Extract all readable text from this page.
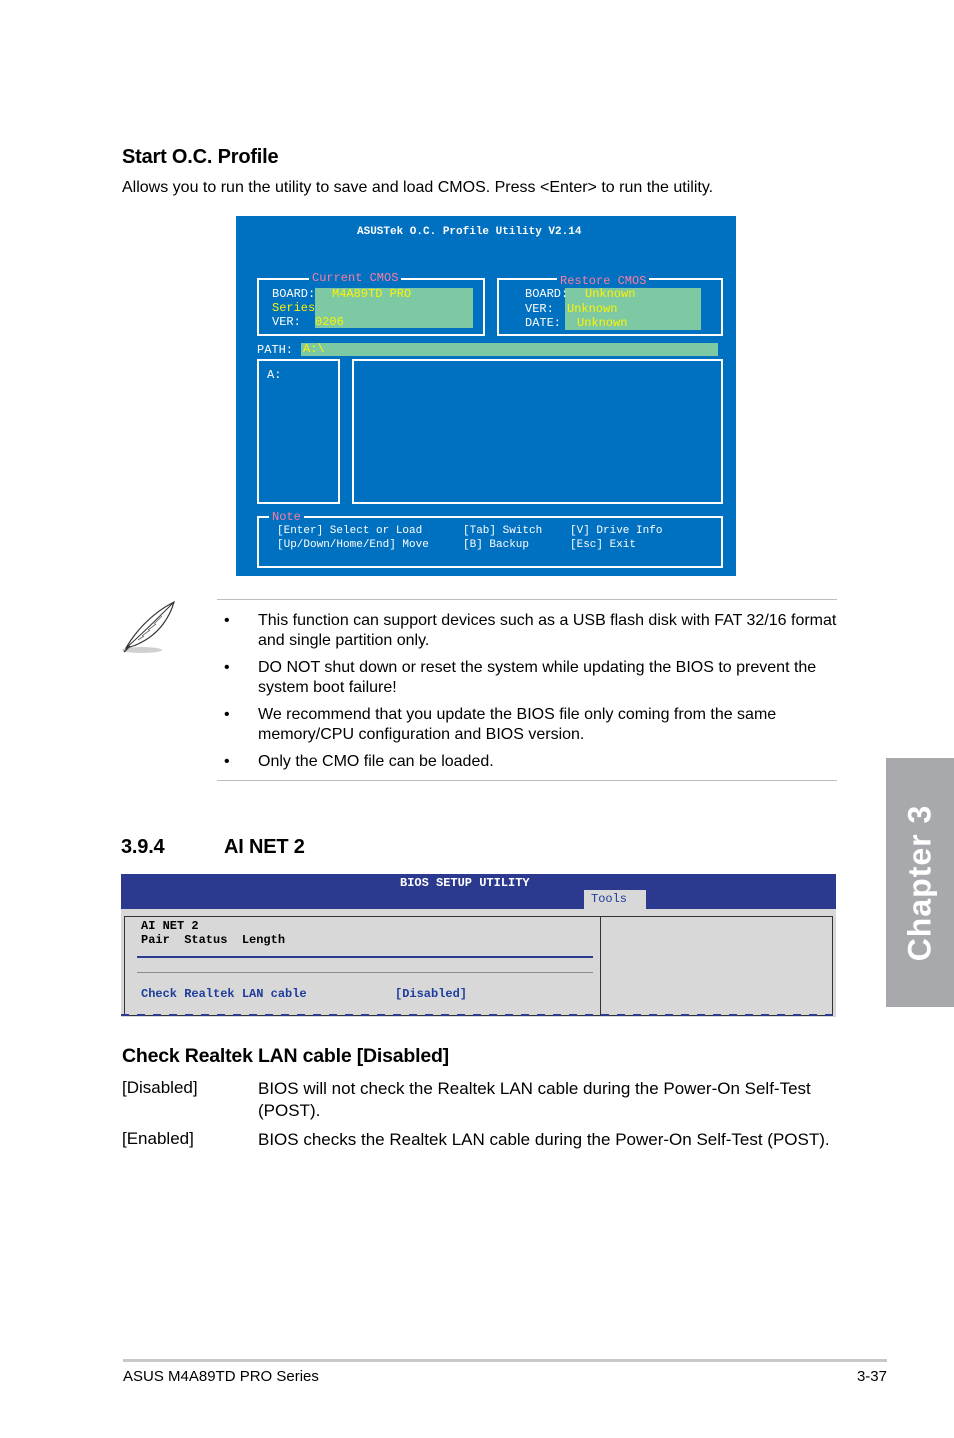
Start O.C. Profile
Allows you to run the utility to save and load CMOS. Press <Enter> to run the utility.
ASUSTek O.C. Profile Utility V2.14
Current CMOS
BOARD: M4A89TD PRO
Series
VER: 0206
Restore CMOS
BOARD: Unknown
VER: Unknown
DATE: Unknown
PATH: A:\
A:
Note
[Enter] Select or Load	[Tab] Switch	[V] Drive Info
[Up/Down/Home/End] Move	[B] Backup	[Esc] Exit
• This function can support devices such as a USB flash disk with FAT 32/16 format and single partition only.
• DO NOT shut down or reset the system while updating the BIOS to prevent the system boot failure!
• We recommend that you update the BIOS file only coming from the same memory/CPU configuration and BIOS version.
• Only the CMO file can be loaded.
Chapter 3
3.9.4	AI NET 2
BIOS SETUP UTILITY
Tools
AI NET 2
Pair  Status  Length
Check Realtek LAN cable	[Disabled]
Check Realtek LAN cable [Disabled]
[Disabled]	BIOS will not check the Realtek LAN cable during the Power-On Self-Test (POST).
[Enabled]	BIOS checks the Realtek LAN cable during the Power-On Self-Test (POST).
ASUS M4A89TD PRO Series	3-37
